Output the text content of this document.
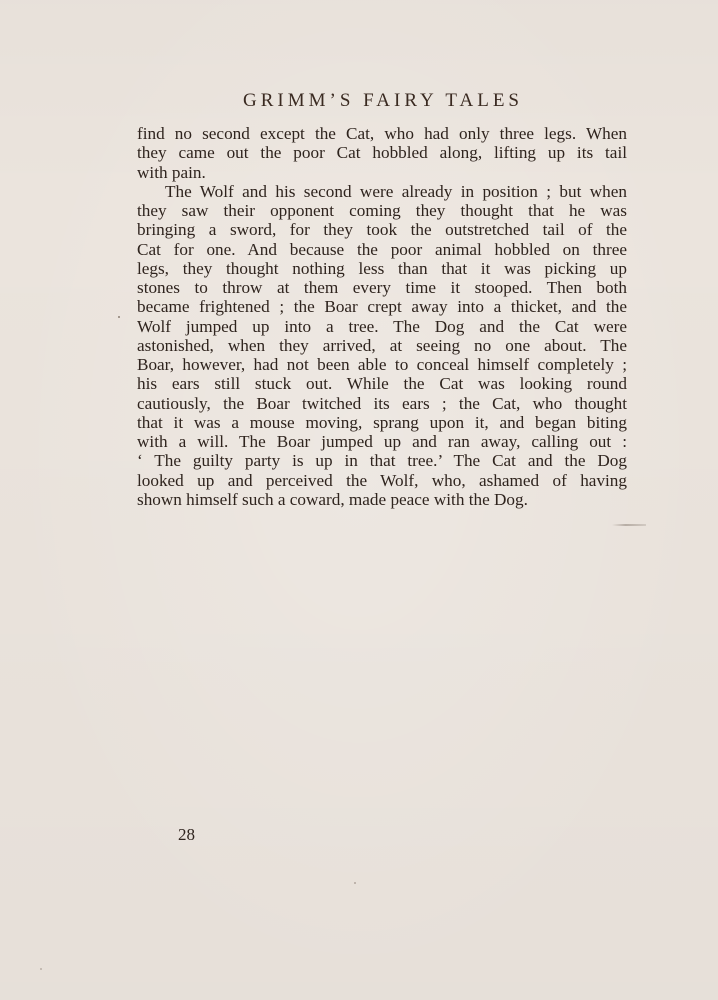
GRIMM’S FAIRY TALES
find no second except the Cat, who had only three legs. When
they came out the poor Cat hobbled along, lifting up its tail
with pain.
The Wolf and his second were already in position ; but when
they saw their opponent coming they thought that he was
bringing a sword, for they took the outstretched tail of the
Cat for one. And because the poor animal hobbled on three
legs, they thought nothing less than that it was picking up
stones to throw at them every time it stooped. Then both
became frightened ; the Boar crept away into a thicket, and the
Wolf jumped up into a tree. The Dog and the Cat were
astonished, when they arrived, at seeing no one about. The
Boar, however, had not been able to conceal himself completely ;
his ears still stuck out. While the Cat was looking round
cautiously, the Boar twitched its ears ; the Cat, who thought
that it was a mouse moving, sprang upon it, and began biting
with a will. The Boar jumped up and ran away, calling out :
‘ The guilty party is up in that tree.’ The Cat and the Dog
looked up and perceived the Wolf, who, ashamed of having
shown himself such a coward, made peace with the Dog.
28
